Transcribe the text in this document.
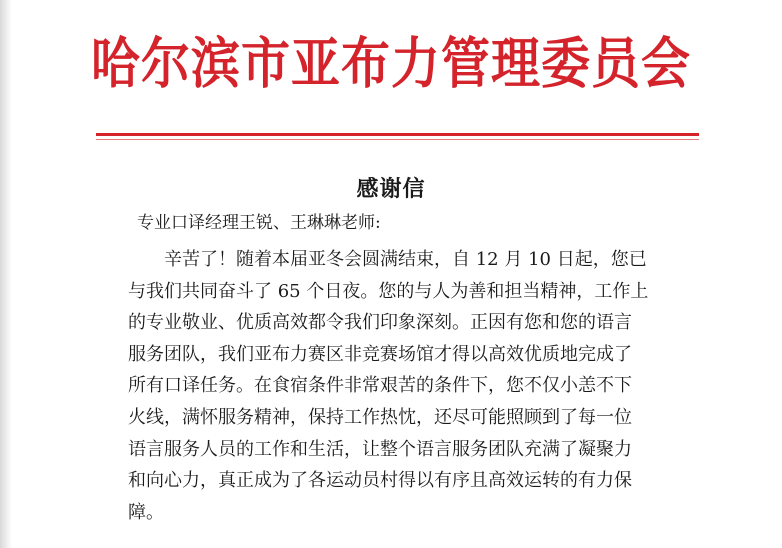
哈尔滨市亚布力管理委员会
感谢信
专业口译经理王锐、王琳琳老师:
辛苦了！随着本届亚冬会圆满结束，自 12 月 10 日起，您已
与我们共同奋斗了 65 个日夜。您的与人为善和担当精神，工作上
的专业敬业、优质高效都令我们印象深刻。正因有您和您的语言
服务团队，我们亚布力赛区非竞赛场馆才得以高效优质地完成了
所有口译任务。在食宿条件非常艰苦的条件下，您不仅小恙不下
火线，满怀服务精神，保持工作热忱，还尽可能照顾到了每一位
语言服务人员的工作和生活，让整个语言服务团队充满了凝聚力
和向心力，真正成为了各运动员村得以有序且高效运转的有力保
障。
